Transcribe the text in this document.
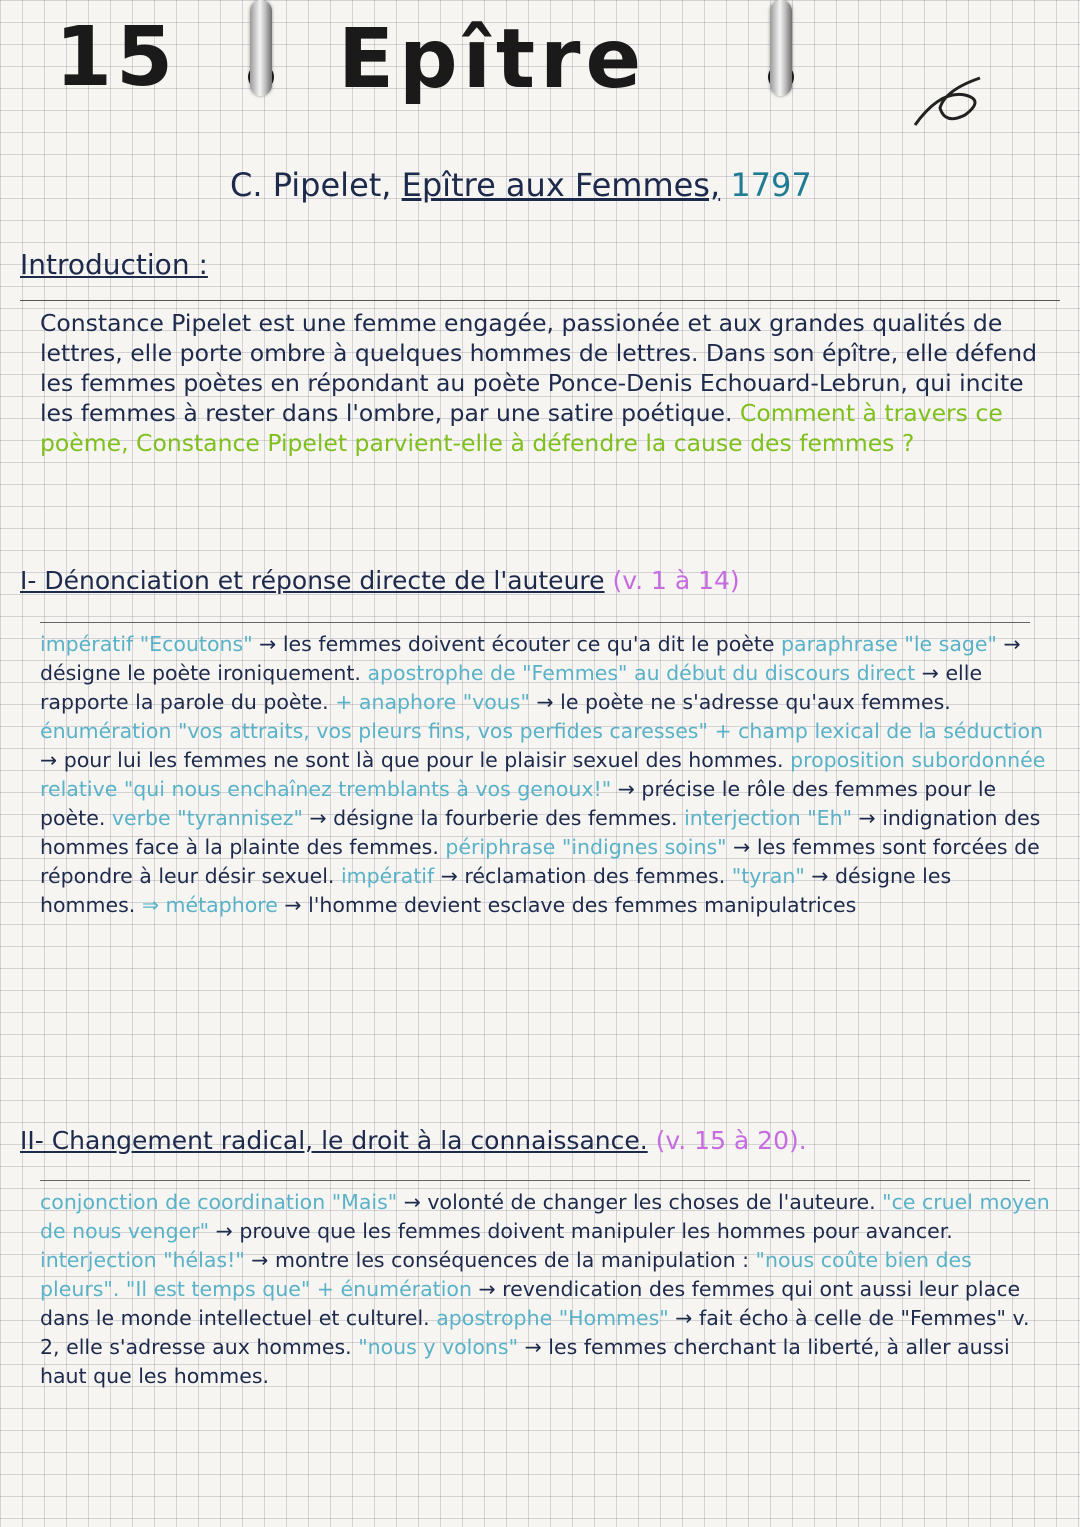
15 Epître
C. Pipelet, Epître aux Femmes, 1797
Introduction :
Constance Pipelet est une femme engagée, passionée et aux grandes qualités de lettres, elle porte ombre à quelques hommes de lettres. Dans son épître, elle défend les femmes poètes en répondant au poète Ponce-Denis Echouard-Lebrun, qui incite les femmes à rester dans l'ombre, par une satire poétique. Comment à travers ce poème, Constance Pipelet parvient-elle à défendre la cause des femmes ?
I- Dénonciation et réponse directe de l'auteure (v. 1 à 14)
impératif "Ecoutons" → les femmes doivent écouter ce qu'a dit le poète paraphrase "le sage" → désigne le poète ironiquement. apostrophe de "Femmes" au début du discours direct → elle rapporte la parole du poète. + anaphore "vous" → le poète ne s'adresse qu'aux femmes. énumération "vos attraits, vos pleurs fins, vos perfides caresses" + champ lexical de la séduction → pour lui les femmes ne sont là que pour le plaisir sexuel des hommes. proposition subordonnée relative "qui nous enchaînez tremblants à vos genoux!" → précise le rôle des femmes pour le poète. verbe "tyrannisez" → désigne la fourberie des femmes. interjection "Eh" → indignation des hommes face à la plainte des femmes. périphrase "indignes soins" → les femmes sont forcées de répondre à leur désir sexuel. impératif → réclamation des femmes. "tyran" → désigne les hommes. ⇒ métaphore → l'homme devient esclave des femmes manipulatrices
II- Changement radical, le droit à la connaissance. (v. 15 à 20).
conjonction de coordination "Mais" → volonté de changer les choses de l'auteure. "ce cruel moyen de nous venger" → prouve que les femmes doivent manipuler les hommes pour avancer. interjection "hélas!" → montre les conséquences de la manipulation : "nous coûte bien des pleurs". "Il est temps que" + énumération → revendication des femmes qui ont aussi leur place dans le monde intellectuel et culturel. apostrophe "Hommes" → fait écho à celle de "Femmes" v. 2, elle s'adresse aux hommes. "nous y volons" → les femmes cherchant la liberté, à aller aussi haut que les hommes.
